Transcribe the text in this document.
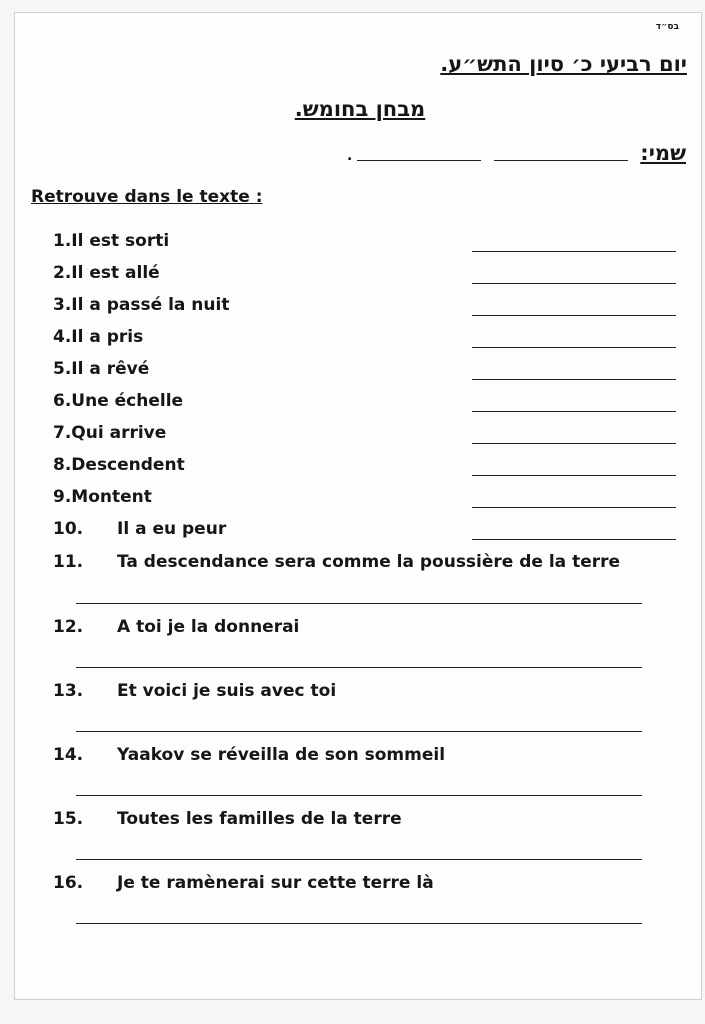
בס״ד
יום רביעי כ׳ סיון התש״ע.
מבחן בחומש.
שמי:
.
Retrouve dans le texte :
1.Il est sorti
2.Il est allé
3.Il a passé la nuit
4.Il a pris
5.Il a rêvé
6.Une échelle
7.Qui arrive
8.Descendent
9.Montent
10. Il a eu peur
11. Ta descendance sera comme la poussière de la terre
12. A toi je la donnerai
13. Et voici je suis avec toi
14. Yaakov se réveilla de son sommeil
15. Toutes les familles de la terre
16. Je te ramènerai sur cette terre là
